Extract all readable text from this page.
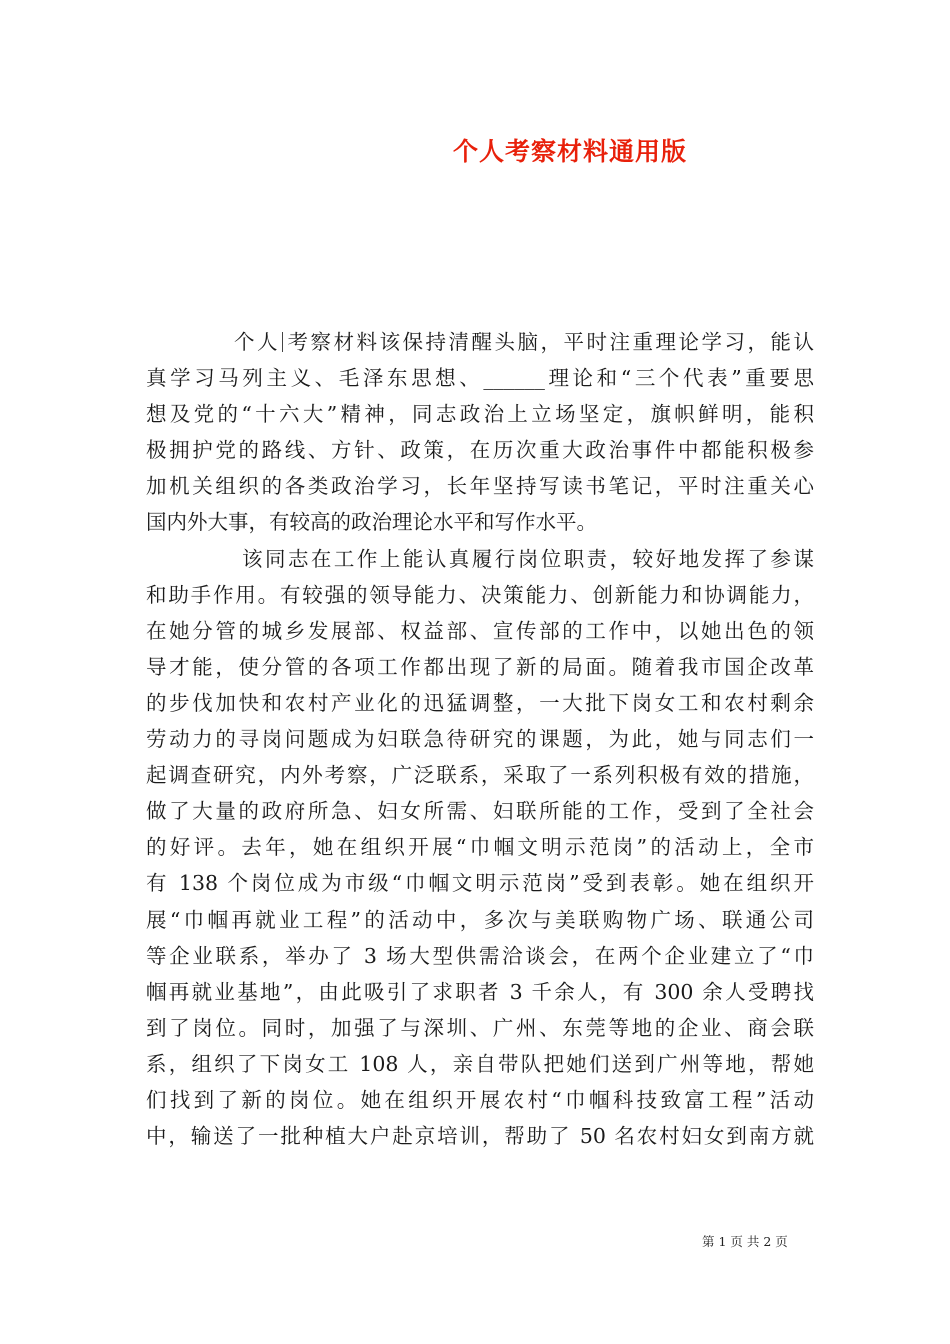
个人考察材料通用版
个人 考察材料该保持清醒头脑，平时注重理论学习，能认
真学习马列主义、毛泽东思想、______理论和“三个代表”重要思
想及党的“十六大”精神，同志政治上立场坚定，旗帜鲜明，能积
极拥护党的路线、方针、政策，在历次重大政治事件中都能积极参
加机关组织的各类政治学习，长年坚持写读书笔记，平时注重关心
国内外大事，有较高的政治理论水平和写作水平。
该同志在工作上能认真履行岗位职责，较好地发挥了参谋
和助手作用。有较强的领导能力、决策能力、创新能力和协调能力，
在她分管的城乡发展部、权益部、宣传部的工作中，以她出色的领
导才能，使分管的各项工作都出现了新的局面。随着我市国企改革
的步伐加快和农村产业化的迅猛调整，一大批下岗女工和农村剩余
劳动力的寻岗问题成为妇联急待研究的课题，为此，她与同志们一
起调查研究，内外考察，广泛联系，采取了一系列积极有效的措施，
做了大量的政府所急、妇女所需、妇联所能的工作，受到了全社会
的好评。去年，她在组织开展“巾帼文明示范岗”的活动上，全市
有 138 个岗位成为市级“巾帼文明示范岗”受到表彰。她在组织开
展“巾帼再就业工程”的活动中，多次与美联购物广场、联通公司
等企业联系，举办了 3 场大型供需洽谈会，在两个企业建立了“巾
帼再就业基地”，由此吸引了求职者 3 千余人，有 300 余人受聘找
到了岗位。同时，加强了与深圳、广州、东莞等地的企业、商会联
系，组织了下岗女工 108 人，亲自带队把她们送到广州等地，帮她
们找到了新的岗位。她在组织开展农村“巾帼科技致富工程”活动
中，输送了一批种植大户赴京培训，帮助了 50 名农村妇女到南方就
第 1 页 共 2 页
